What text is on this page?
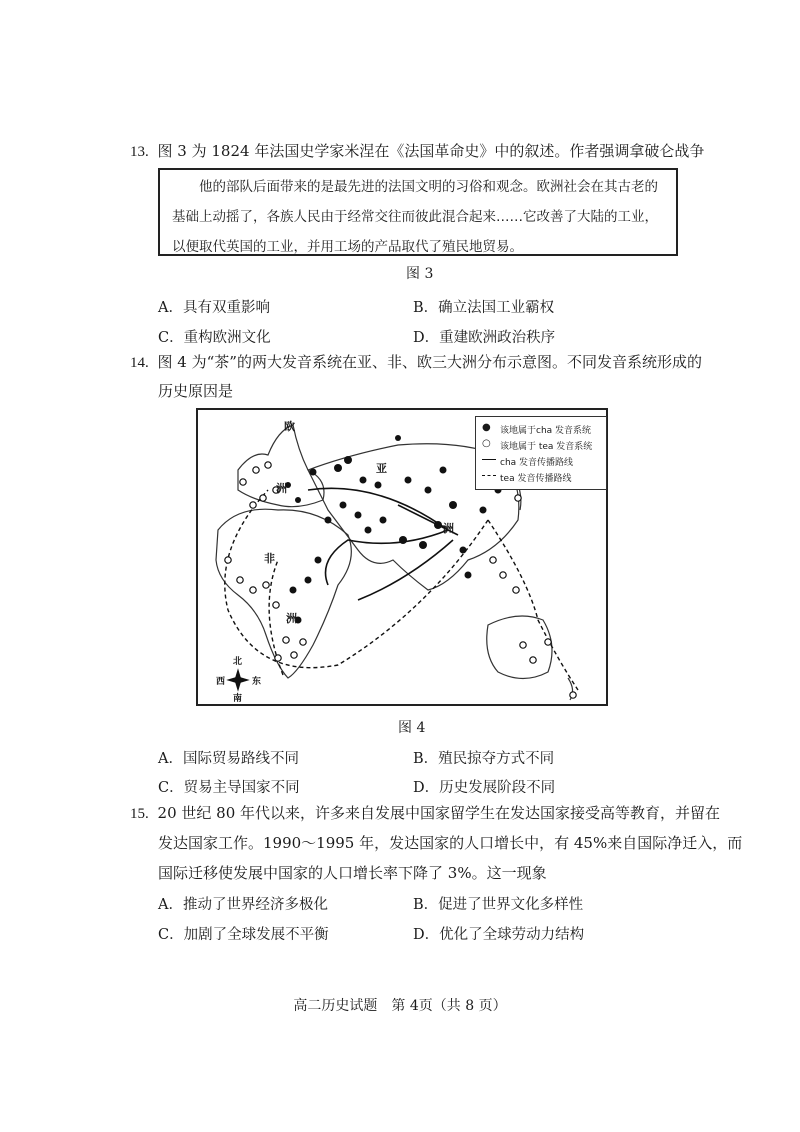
13. 图 3 为 1824 年法国史学家米涅在《法国革命史》中的叙述。作者强调拿破仑战争
他的部队后面带来的是最先进的法国文明的习俗和观念。欧洲社会在其古老的
基础上动摇了，各族人民由于经常交往而彼此混合起来……它改善了大陆的工业，
以便取代英国的工业，并用工场的产品取代了殖民地贸易。
图 3
A．具有双重影响	B．确立法国工业霸权
C．重构欧洲文化	D．重建欧洲政治秩序
14. 图 4 为“茶”的两大发音系统在亚、非、欧三大洲分布示意图。不同发音系统形成的
历史原因是
欧
洲
亚
洲
非
洲
北
西	东
南
● 该地属于cha 发音系统
○ 该地属于 tea 发音系统
cha 发音传播路线
tea 发音传播路线
图 4
A．国际贸易路线不同	B．殖民掠夺方式不同
C．贸易主导国家不同	D．历史发展阶段不同
15. 20 世纪 80 年代以来，许多来自发展中国家留学生在发达国家接受高等教育，并留在
发达国家工作。1990～1995 年，发达国家的人口增长中，有 45%来自国际净迁入，而
国际迁移使发展中国家的人口增长率下降了 3%。这一现象
A．推动了世界经济多极化	B．促进了世界文化多样性
C．加剧了全球发展不平衡	D．优化了全球劳动力结构
高二历史试题　第 4页（共 8 页）
